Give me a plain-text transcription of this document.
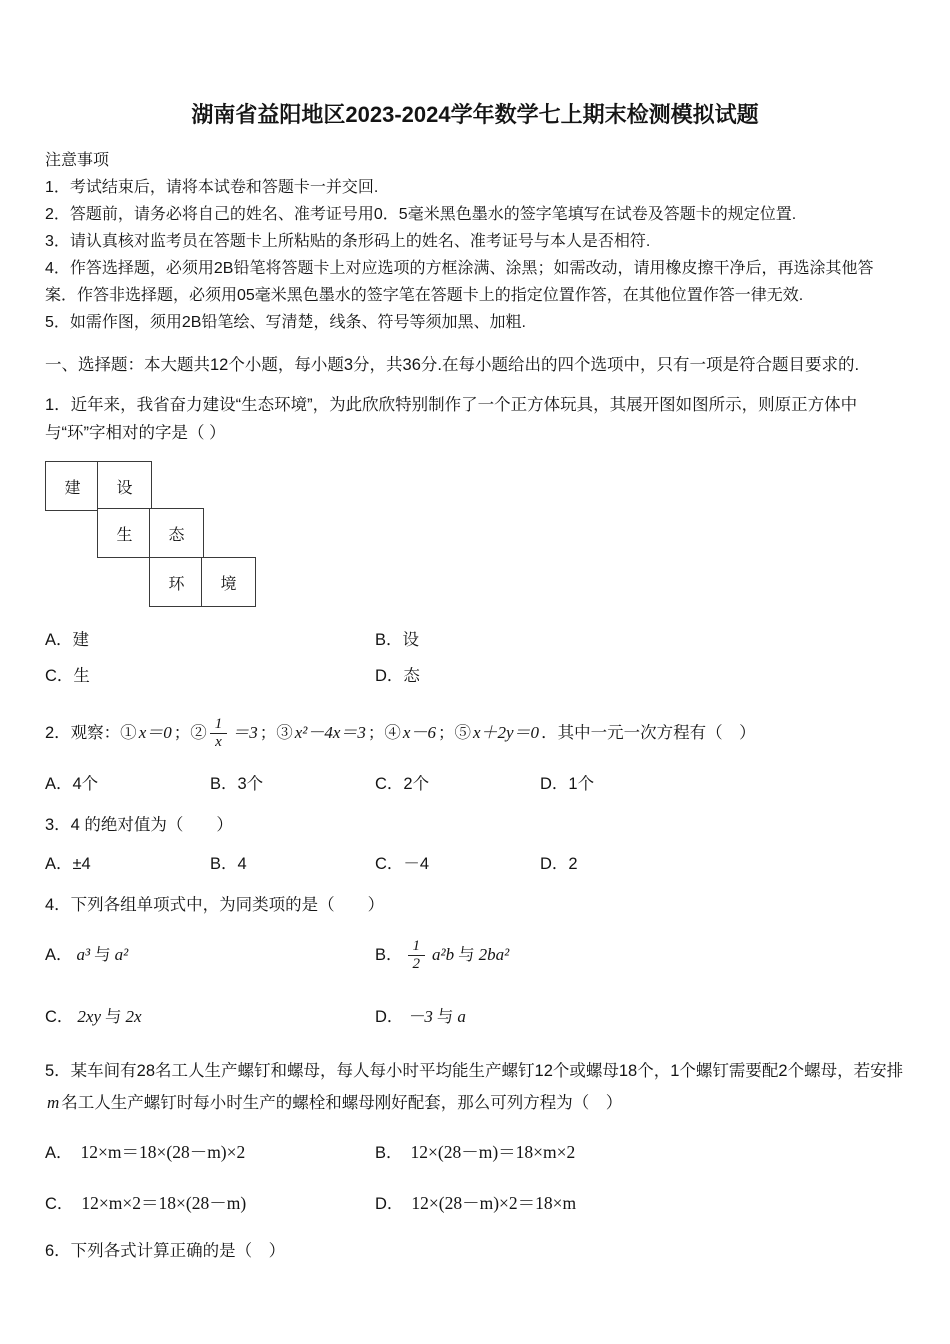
湖南省益阳地区2023-2024学年数学七上期末检测模拟试题

注意事项

1．考试结束后，请将本试卷和答题卡一并交回.

2．答题前，请务必将自己的姓名、准考证号用0．5毫米黑色墨水的签字笔填写在试卷及答题卡的规定位置.

3．请认真核对监考员在答题卡上所粘贴的条形码上的姓名、准考证号与本人是否相符.

4．作答选择题，必须用2B铅笔将答题卡上对应选项的方框涂满、涂黑；如需改动，请用橡皮擦干净后，再选涂其他答案．作答非选择题，必须用05毫米黑色墨水的签字笔在答题卡上的指定位置作答，在其他位置作答一律无效.

5．如需作图，须用2B铅笔绘、写清楚，线条、符号等须加黑、加粗.

一、选择题：本大题共12个小题，每小题3分，共36分.在每小题给出的四个选项中，只有一项是符合题目要求的.

1．近年来，我省奋力建设“生态环境”，为此欣欣特别制作了一个正方体玩具，其展开图如图所示，则原正方体中与“环”字相对的字是（ ）

建	设
生	态
环	境
A．建	B．设
C．生	D．态

2．观察：① x＝0 ；② $\frac{1}{x} =3$ ；③ x²－4x＝3 ；④ x－6 ；⑤ x＋2y＝0 ．其中一元一次方程有（　）

A．4个	B．3个	C．2个	D．1个

3．4 的绝对值为（　　）

A．±4	B．4	C．－4	D．2

4．下列各组单项式中，为同类项的是（　　）

A． a³ 与 a²	B． $\frac{1}{2} a^2b$ 与 2ba²
C． 2xy 与 2x	D． －3 与 a

5．某车间有28名工人生产螺钉和螺母，每人每小时平均能生产螺钉12个或螺母18个，1个螺钉需要配2个螺母，若安排m 名工人生产螺钉时每小时生产的螺栓和螺母刚好配套，那么可列方程为（　）

A． 12×m＝18×(28－m)×2	B． 12×(28－m)＝18×m×2
C． 12×m×2＝18×(28－m)	D． 12×(28－m)×2＝18×m

6．下列各式计算正确的是（　）
